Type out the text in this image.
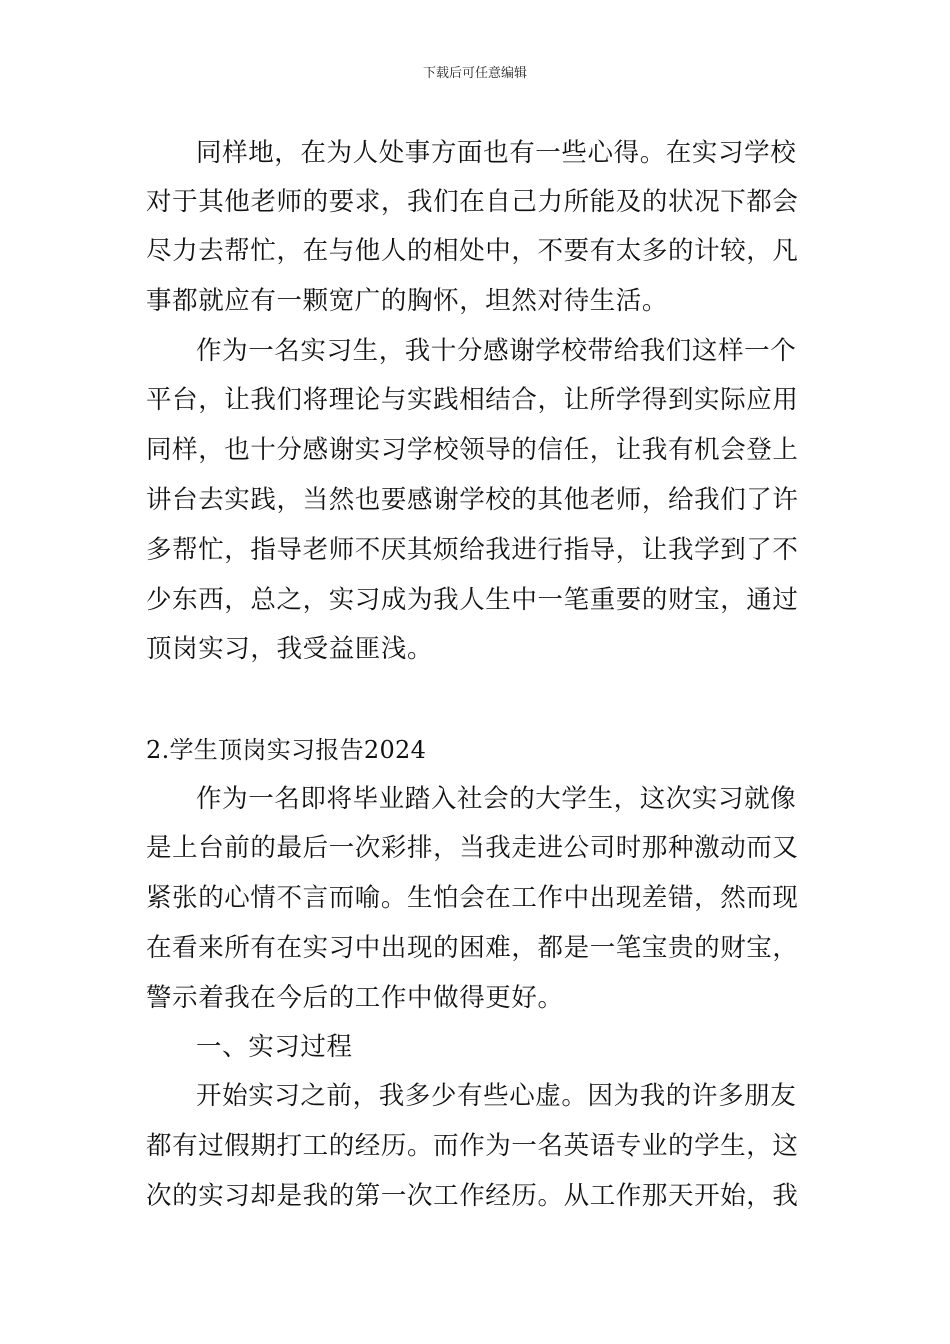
下载后可任意编辑
同样地，在为人处事方面也有一些心得。在实习学校
对于其他老师的要求，我们在自己力所能及的状况下都会
尽力去帮忙，在与他人的相处中，不要有太多的计较，凡
事都就应有一颗宽广的胸怀，坦然对待生活。
作为一名实习生，我十分感谢学校带给我们这样一个
平台，让我们将理论与实践相结合，让所学得到实际应用
同样，也十分感谢实习学校领导的信任，让我有机会登上
讲台去实践，当然也要感谢学校的其他老师，给我们了许
多帮忙，指导老师不厌其烦给我进行指导，让我学到了不
少东西，总之，实习成为我人生中一笔重要的财宝，通过
顶岗实习，我受益匪浅。
2.学生顶岗实习报告2024
作为一名即将毕业踏入社会的大学生，这次实习就像
是上台前的最后一次彩排，当我走进公司时那种激动而又
紧张的心情不言而喻。生怕会在工作中出现差错，然而现
在看来所有在实习中出现的困难，都是一笔宝贵的财宝，
警示着我在今后的工作中做得更好。
一、实习过程
开始实习之前，我多少有些心虚。因为我的许多朋友
都有过假期打工的经历。而作为一名英语专业的学生，这
次的实习却是我的第一次工作经历。从工作那天开始，我
